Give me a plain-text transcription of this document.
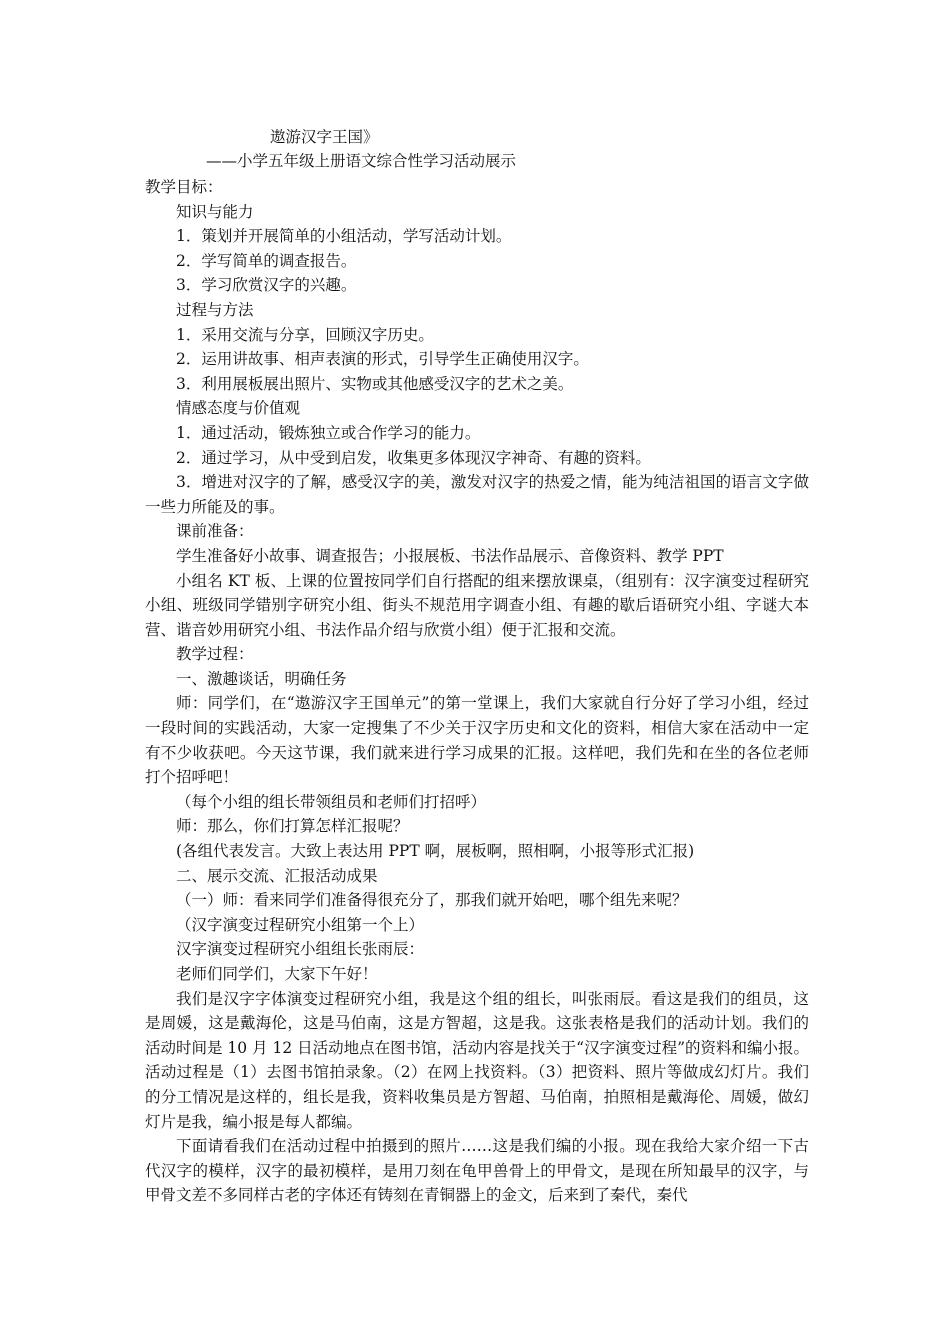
遨游汉字王国》
——小学五年级上册语文综合性学习活动展示

教学目标：

知识与能力

1．策划并开展简单的小组活动，学写活动计划。

2．学写简单的调查报告。

3．学习欣赏汉字的兴趣。

过程与方法

1．采用交流与分享，回顾汉字历史。

2．运用讲故事、相声表演的形式，引导学生正确使用汉字。

3．利用展板展出照片、实物或其他感受汉字的艺术之美。

情感态度与价值观

1．通过活动，锻炼独立或合作学习的能力。

2．通过学习，从中受到启发，收集更多体现汉字神奇、有趣的资料。

3．增进对汉字的了解，感受汉字的美，激发对汉字的热爱之情，能为纯洁祖国的语言文字做一些力所能及的事。

课前准备：

学生准备好小故事、调查报告；小报展板、书法作品展示、音像资料、教学 PPT

小组名 KT 板、上课的位置按同学们自行搭配的组来摆放课桌，（组别有：汉字演变过程研究小组、班级同学错别字研究小组、街头不规范用字调查小组、有趣的歇后语研究小组、字谜大本营、谐音妙用研究小组、书法作品介绍与欣赏小组）便于汇报和交流。

教学过程：

一、激趣谈话，明确任务

师：同学们，在“遨游汉字王国单元”的第一堂课上，我们大家就自行分好了学习小组，经过一段时间的实践活动，大家一定搜集了不少关于汉字历史和文化的资料，相信大家在活动中一定有不少收获吧。今天这节课，我们就来进行学习成果的汇报。这样吧，我们先和在坐的各位老师打个招呼吧！

（每个小组的组长带领组员和老师们打招呼）

师：那么，你们打算怎样汇报呢？

(各组代表发言。大致上表达用 PPT 啊，展板啊，照相啊，小报等形式汇报)

二、展示交流、汇报活动成果

（一）师：看来同学们准备得很充分了，那我们就开始吧，哪个组先来呢？

（汉字演变过程研究小组第一个上）

汉字演变过程研究小组组长张雨辰：

老师们同学们，大家下午好！

我们是汉字字体演变过程研究小组，我是这个组的组长，叫张雨辰。看这是我们的组员，这是周媛，这是戴海伦，这是马伯南，这是方智超，这是我。这张表格是我们的活动计划。我们的活动时间是 10 月 12 日活动地点在图书馆，活动内容是找关于“汉字演变过程”的资料和编小报。活动过程是（1）去图书馆拍录象。（2）在网上找资料。（3）把资料、照片等做成幻灯片。我们的分工情况是这样的，组长是我，资料收集员是方智超、马伯南，拍照相是戴海伦、周媛，做幻灯片是我，编小报是每人都编。

下面请看我们在活动过程中拍摄到的照片……这是我们编的小报。现在我给大家介绍一下古代汉字的模样，汉字的最初模样，是用刀刻在龟甲兽骨上的甲骨文，是现在所知最早的汉字，与甲骨文差不多同样古老的字体还有铸刻在青铜器上的金文，后来到了秦代，秦代
